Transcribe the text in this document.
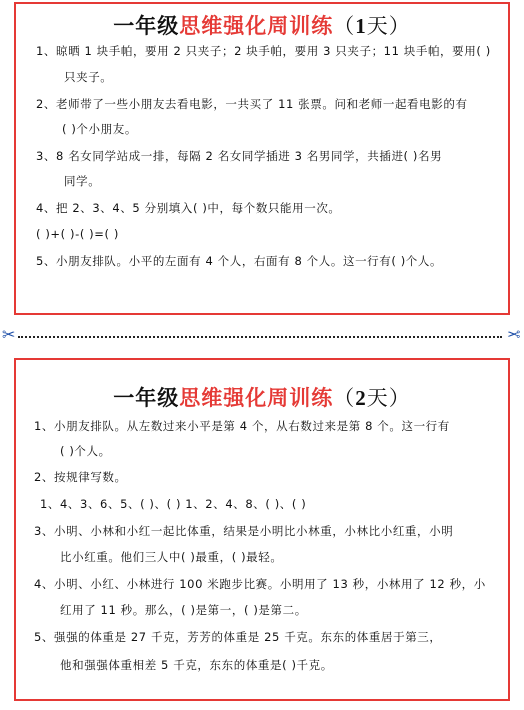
一年级思维强化周训练（1天）
1、晾晒 1 块手帕，要用 2 只夹子；2 块手帕，要用 3 只夹子；11 块手帕，要用( )
只夹子。
2、老师带了一些小朋友去看电影，一共买了 11 张票。问和老师一起看电影的有
( )个小朋友。
3、8 名女同学站成一排，每隔 2 名女同学插进 3 名男同学，共插进( )名男
同学。
4、把 2、3、4、5 分别填入( )中，每个数只能用一次。
( )+( )-( )=( )
5、小朋友排队。小平的左面有 4 个人，右面有 8 个人。这一行有( )个人。
✂	✂
一年级思维强化周训练（2天）
1、小朋友排队。从左数过来小平是第 4 个，从右数过来是第 8 个。这一行有
( )个人。
2、按规律写数。
1、4、3、6、5、( )、( ) 1、2、4、8、( )、( )
3、小明、小林和小红一起比体重，结果是小明比小林重，小林比小红重，小明
比小红重。他们三人中( )最重，( )最轻。
4、小明、小红、小林进行 100 米跑步比赛。小明用了 13 秒，小林用了 12 秒，小
红用了 11 秒。那么，( )是第一，( )是第二。
5、强强的体重是 27 千克，芳芳的体重是 25 千克。东东的体重居于第三，
他和强强体重相差 5 千克，东东的体重是( )千克。
